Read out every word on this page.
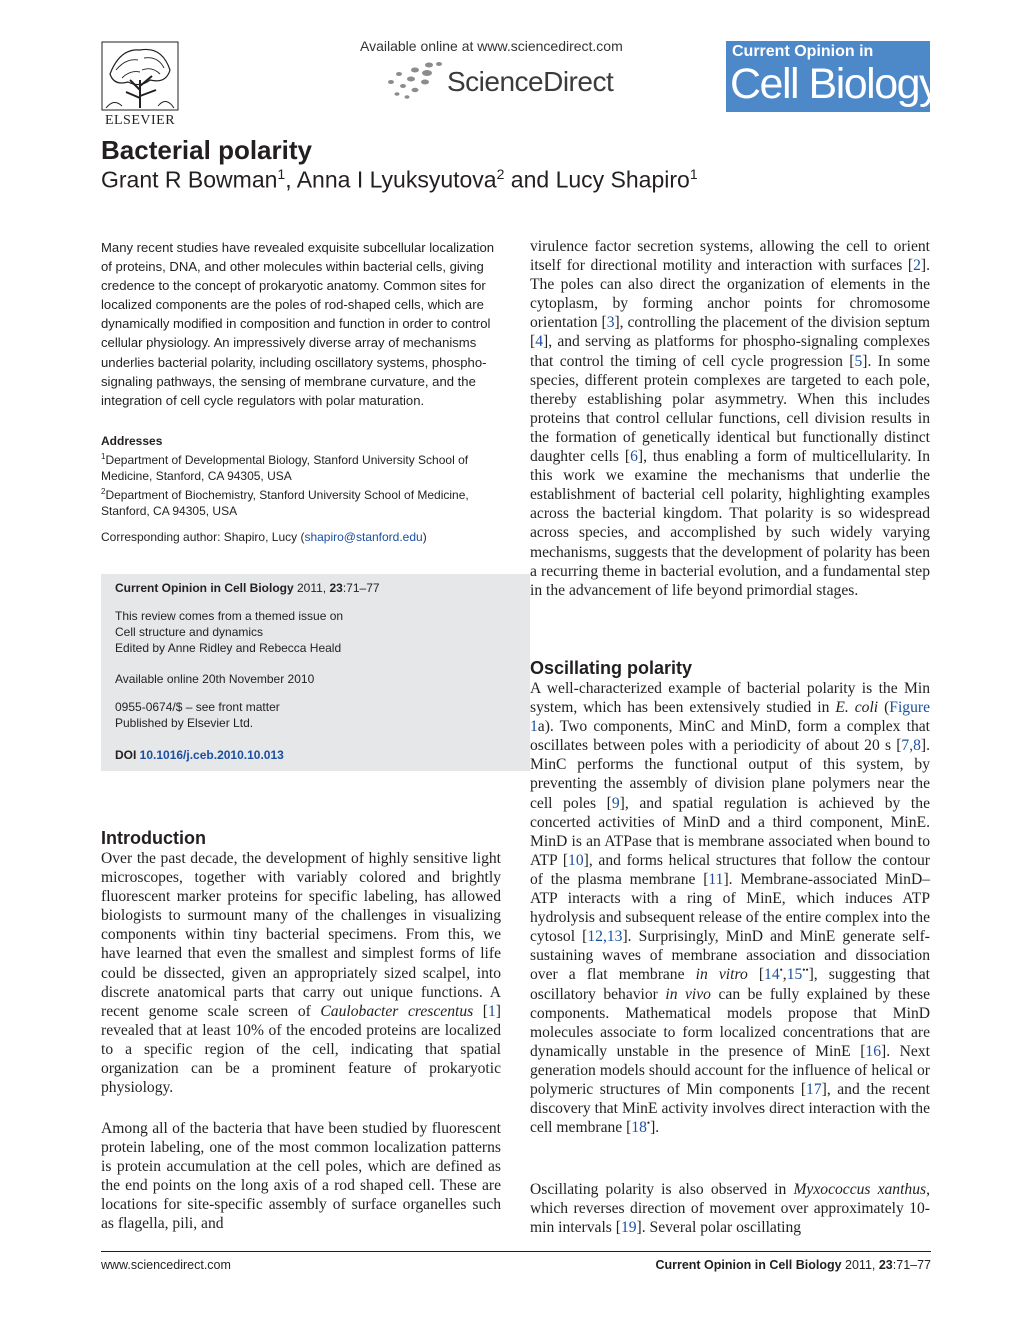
ELSEVIER
Available online at www.sciencedirect.com
ScienceDirect
Current Opinion in
Cell Biology
Bacterial polarity
Grant R Bowman$^1$, Anna I Lyuksyutova$^2$ and Lucy Shapiro$^1$
Many recent studies have revealed exquisite subcellular localization of proteins, DNA, and other molecules within bacterial cells, giving credence to the concept of prokaryotic anatomy. Common sites for localized components are the poles of rod-shaped cells, which are dynamically modified in composition and function in order to control cellular physiology. An impressively diverse array of mechanisms underlies bacterial polarity, including oscillatory systems, phospho-signaling pathways, the sensing of membrane curvature, and the integration of cell cycle regulators with polar maturation.
Addresses
$^1$Department of Developmental Biology, Stanford University School of Medicine, Stanford, CA 94305, USA
$^2$Department of Biochemistry, Stanford University School of Medicine, Stanford, CA 94305, USA
Corresponding author: Shapiro, Lucy (shapiro@stanford.edu)
Current Opinion in Cell Biology 2011, 23:71–77
This review comes from a themed issue on
Cell structure and dynamics
Edited by Anne Ridley and Rebecca Heald
Available online 20th November 2010
0955-0674/$ – see front matter
Published by Elsevier Ltd.
DOI 10.1016/j.ceb.2010.10.013
Introduction

Over the past decade, the development of highly sensitive light microscopes, together with variably colored and brightly fluorescent marker proteins for specific labeling, has allowed biologists to surmount many of the challenges in visualizing components within tiny bacterial specimens. From this, we have learned that even the smallest and simplest forms of life could be dissected, given an appropriately sized scalpel, into discrete anatomical parts that carry out unique functions. A recent genome scale screen of Caulobacter crescentus [1] revealed that at least 10% of the encoded proteins are localized to a specific region of the cell, indicating that spatial organization can be a prominent feature of prokaryotic physiology.

Among all of the bacteria that have been studied by fluorescent protein labeling, one of the most common localization patterns is protein accumulation at the cell poles, which are defined as the end points on the long axis of a rod shaped cell. These are locations for site-specific assembly of surface organelles such as flagella, pili, and

virulence factor secretion systems, allowing the cell to orient itself for directional motility and interaction with surfaces [2]. The poles can also direct the organization of elements in the cytoplasm, by forming anchor points for chromosome orientation [3], controlling the placement of the division septum [4], and serving as platforms for phospho-signaling complexes that control the timing of cell cycle progression [5]. In some species, different protein complexes are targeted to each pole, thereby establishing polar asymmetry. When this includes proteins that control cellular functions, cell division results in the formation of genetically identical but functionally distinct daughter cells [6], thus enabling a form of multicellularity. In this work we examine the mechanisms that underlie the establishment of bacterial cell polarity, highlighting examples across the bacterial kingdom. That polarity is so widespread across species, and accomplished by such widely varying mechanisms, suggests that the development of polarity has been a recurring theme in bacterial evolution, and a fundamental step in the advancement of life beyond primordial stages.

Oscillating polarity

A well-characterized example of bacterial polarity is the Min system, which has been extensively studied in E. coli (Figure 1a). Two components, MinC and MinD, form a complex that oscillates between poles with a periodicity of about 20 s [7,8]. MinC performs the functional output of this system, by preventing the assembly of division plane polymers near the cell poles [9], and spatial regulation is achieved by the concerted activities of MinD and a third component, MinE. MinD is an ATPase that is membrane associated when bound to ATP [10], and forms helical structures that follow the contour of the plasma membrane [11]. Membrane-associated MinD–ATP interacts with a ring of MinE, which induces ATP hydrolysis and subsequent release of the entire complex into the cytosol [12,13]. Surprisingly, MinD and MinE generate self-sustaining waves of membrane association and dissociation over a flat membrane in vitro [14•,15••], suggesting that oscillatory behavior in vivo can be fully explained by these components. Mathematical models propose that MinD molecules associate to form localized concentrations that are dynamically unstable in the presence of MinE [16]. Next generation models should account for the influence of helical or polymeric structures of Min components [17], and the recent discovery that MinE activity involves direct interaction with the cell membrane [18•].

Oscillating polarity is also observed in Myxococcus xanthus, which reverses direction of movement over approximately 10-min intervals [19]. Several polar oscillating

www.sciencedirect.com	Current Opinion in Cell Biology 2011, 23:71–77
